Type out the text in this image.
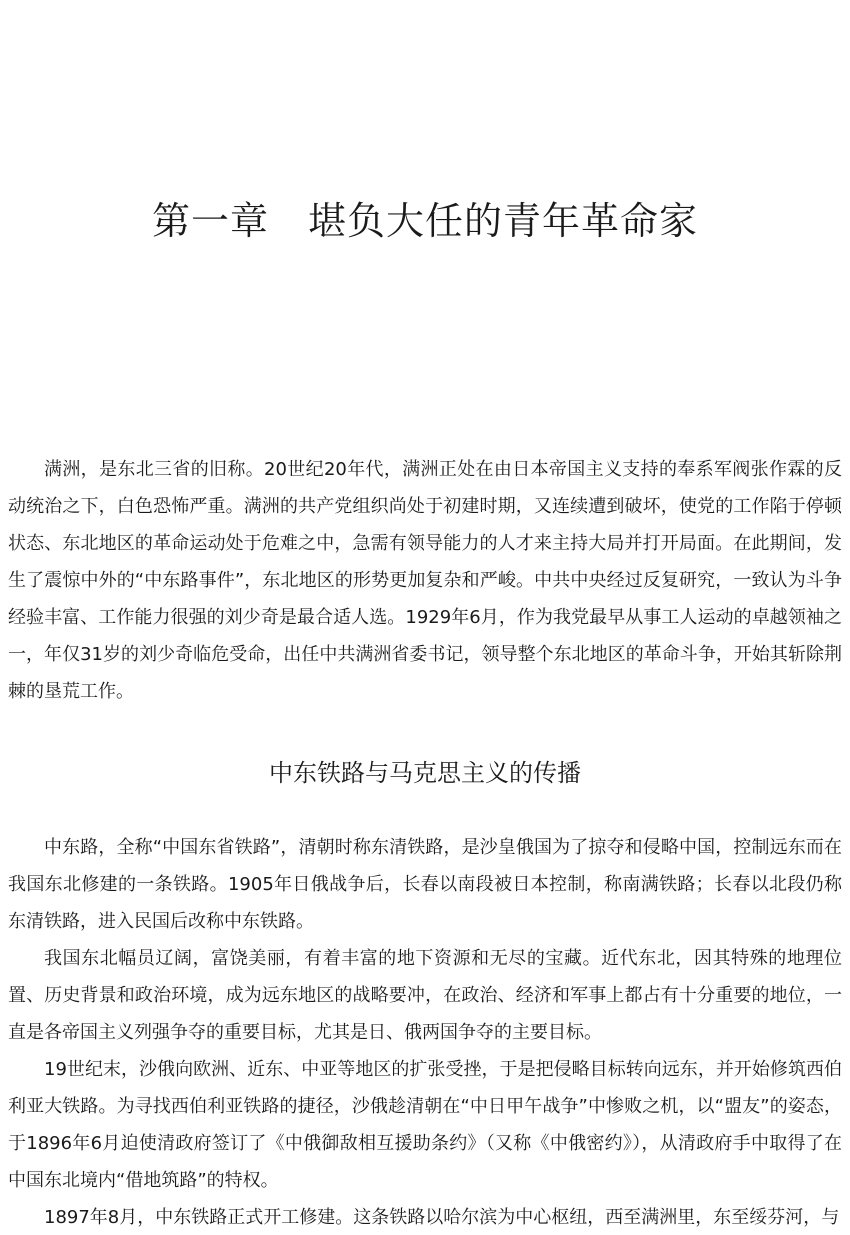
第一章　堪负大任的青年革命家

满洲，是东北三省的旧称。20世纪20年代，满洲正处在由日本帝国主义支持的奉系军阀张作霖的反动统治之下，白色恐怖严重。满洲的共产党组织尚处于初建时期，又连续遭到破坏，使党的工作陷于停顿状态、东北地区的革命运动处于危难之中，急需有领导能力的人才来主持大局并打开局面。在此期间，发生了震惊中外的“中东路事件”，东北地区的形势更加复杂和严峻。中共中央经过反复研究，一致认为斗争经验丰富、工作能力很强的刘少奇是最合适人选。1929年6月，作为我党最早从事工人运动的卓越领袖之一，年仅31岁的刘少奇临危受命，出任中共满洲省委书记，领导整个东北地区的革命斗争，开始其斩除荆棘的垦荒工作。

中东铁路与马克思主义的传播

中东路，全称“中国东省铁路”，清朝时称东清铁路，是沙皇俄国为了掠夺和侵略中国，控制远东而在我国东北修建的一条铁路。1905年日俄战争后，长春以南段被日本控制，称南满铁路；长春以北段仍称东清铁路，进入民国后改称中东铁路。

我国东北幅员辽阔，富饶美丽，有着丰富的地下资源和无尽的宝藏。近代东北，因其特殊的地理位置、历史背景和政治环境，成为远东地区的战略要冲，在政治、经济和军事上都占有十分重要的地位，一直是各帝国主义列强争夺的重要目标，尤其是日、俄两国争夺的主要目标。

19世纪末，沙俄向欧洲、近东、中亚等地区的扩张受挫，于是把侵略目标转向远东，并开始修筑西伯利亚大铁路。为寻找西伯利亚铁路的捷径，沙俄趁清朝在“中日甲午战争”中惨败之机，以“盟友”的姿态，于1896年6月迫使清政府签订了《中俄御敌相互援助条约》（又称《中俄密约》），从清政府手中取得了在中国东北境内“借地筑路”的特权。

1897年8月，中东铁路正式开工修建。这条铁路以哈尔滨为中心枢纽，西至满洲里，东至绥芬河，与
